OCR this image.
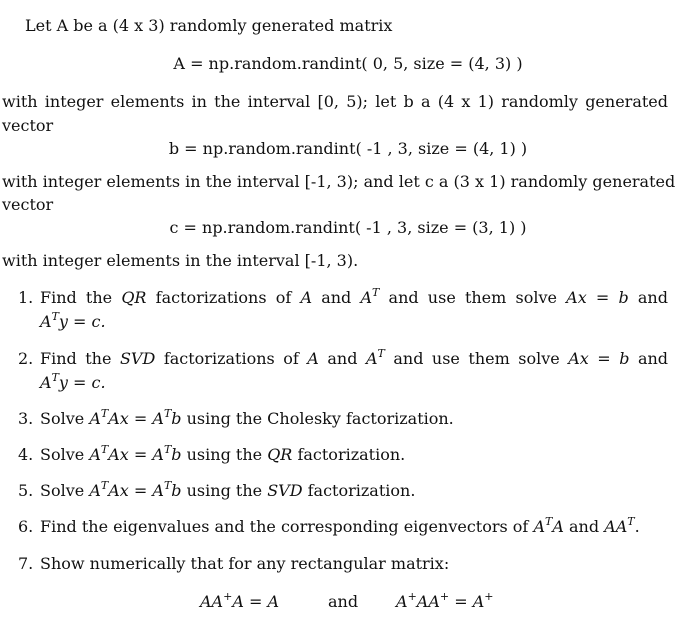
Let A be a (4 x 3) randomly generated matrix
A = np.random.randint( 0, 5, size = (4, 3) )
with integer elements in the interval [0, 5); let b a (4 x 1) randomly generated
vector
b = np.random.randint( -1 , 3, size = (4, 1) )
with integer elements in the interval [-1, 3); and let c a (3 x 1) randomly generated
vector
c = np.random.randint( -1 , 3, size = (3, 1) )
with integer elements in the interval [-1, 3).
1. Find the QR factorizations of A and $A^T$ and use them solve Ax = b and
$A^Ty = c$.
2. Find the SVD factorizations of A and $A^T$ and use them solve Ax = b and
$A^Ty = c$.
3. Solve $A^TAx = A^Tb$ using the Cholesky factorization.
4. Solve $A^TAx = A^Tb$ using the QR factorization.
5. Solve $A^TAx = A^Tb$ using the SVD factorization.
6. Find the eigenvalues and the corresponding eigenvectors of $A^TA$ and $AA^T$.
7. Show numerically that for any rectangular matrix:
AA+A = A	and A+AA+ = A+
